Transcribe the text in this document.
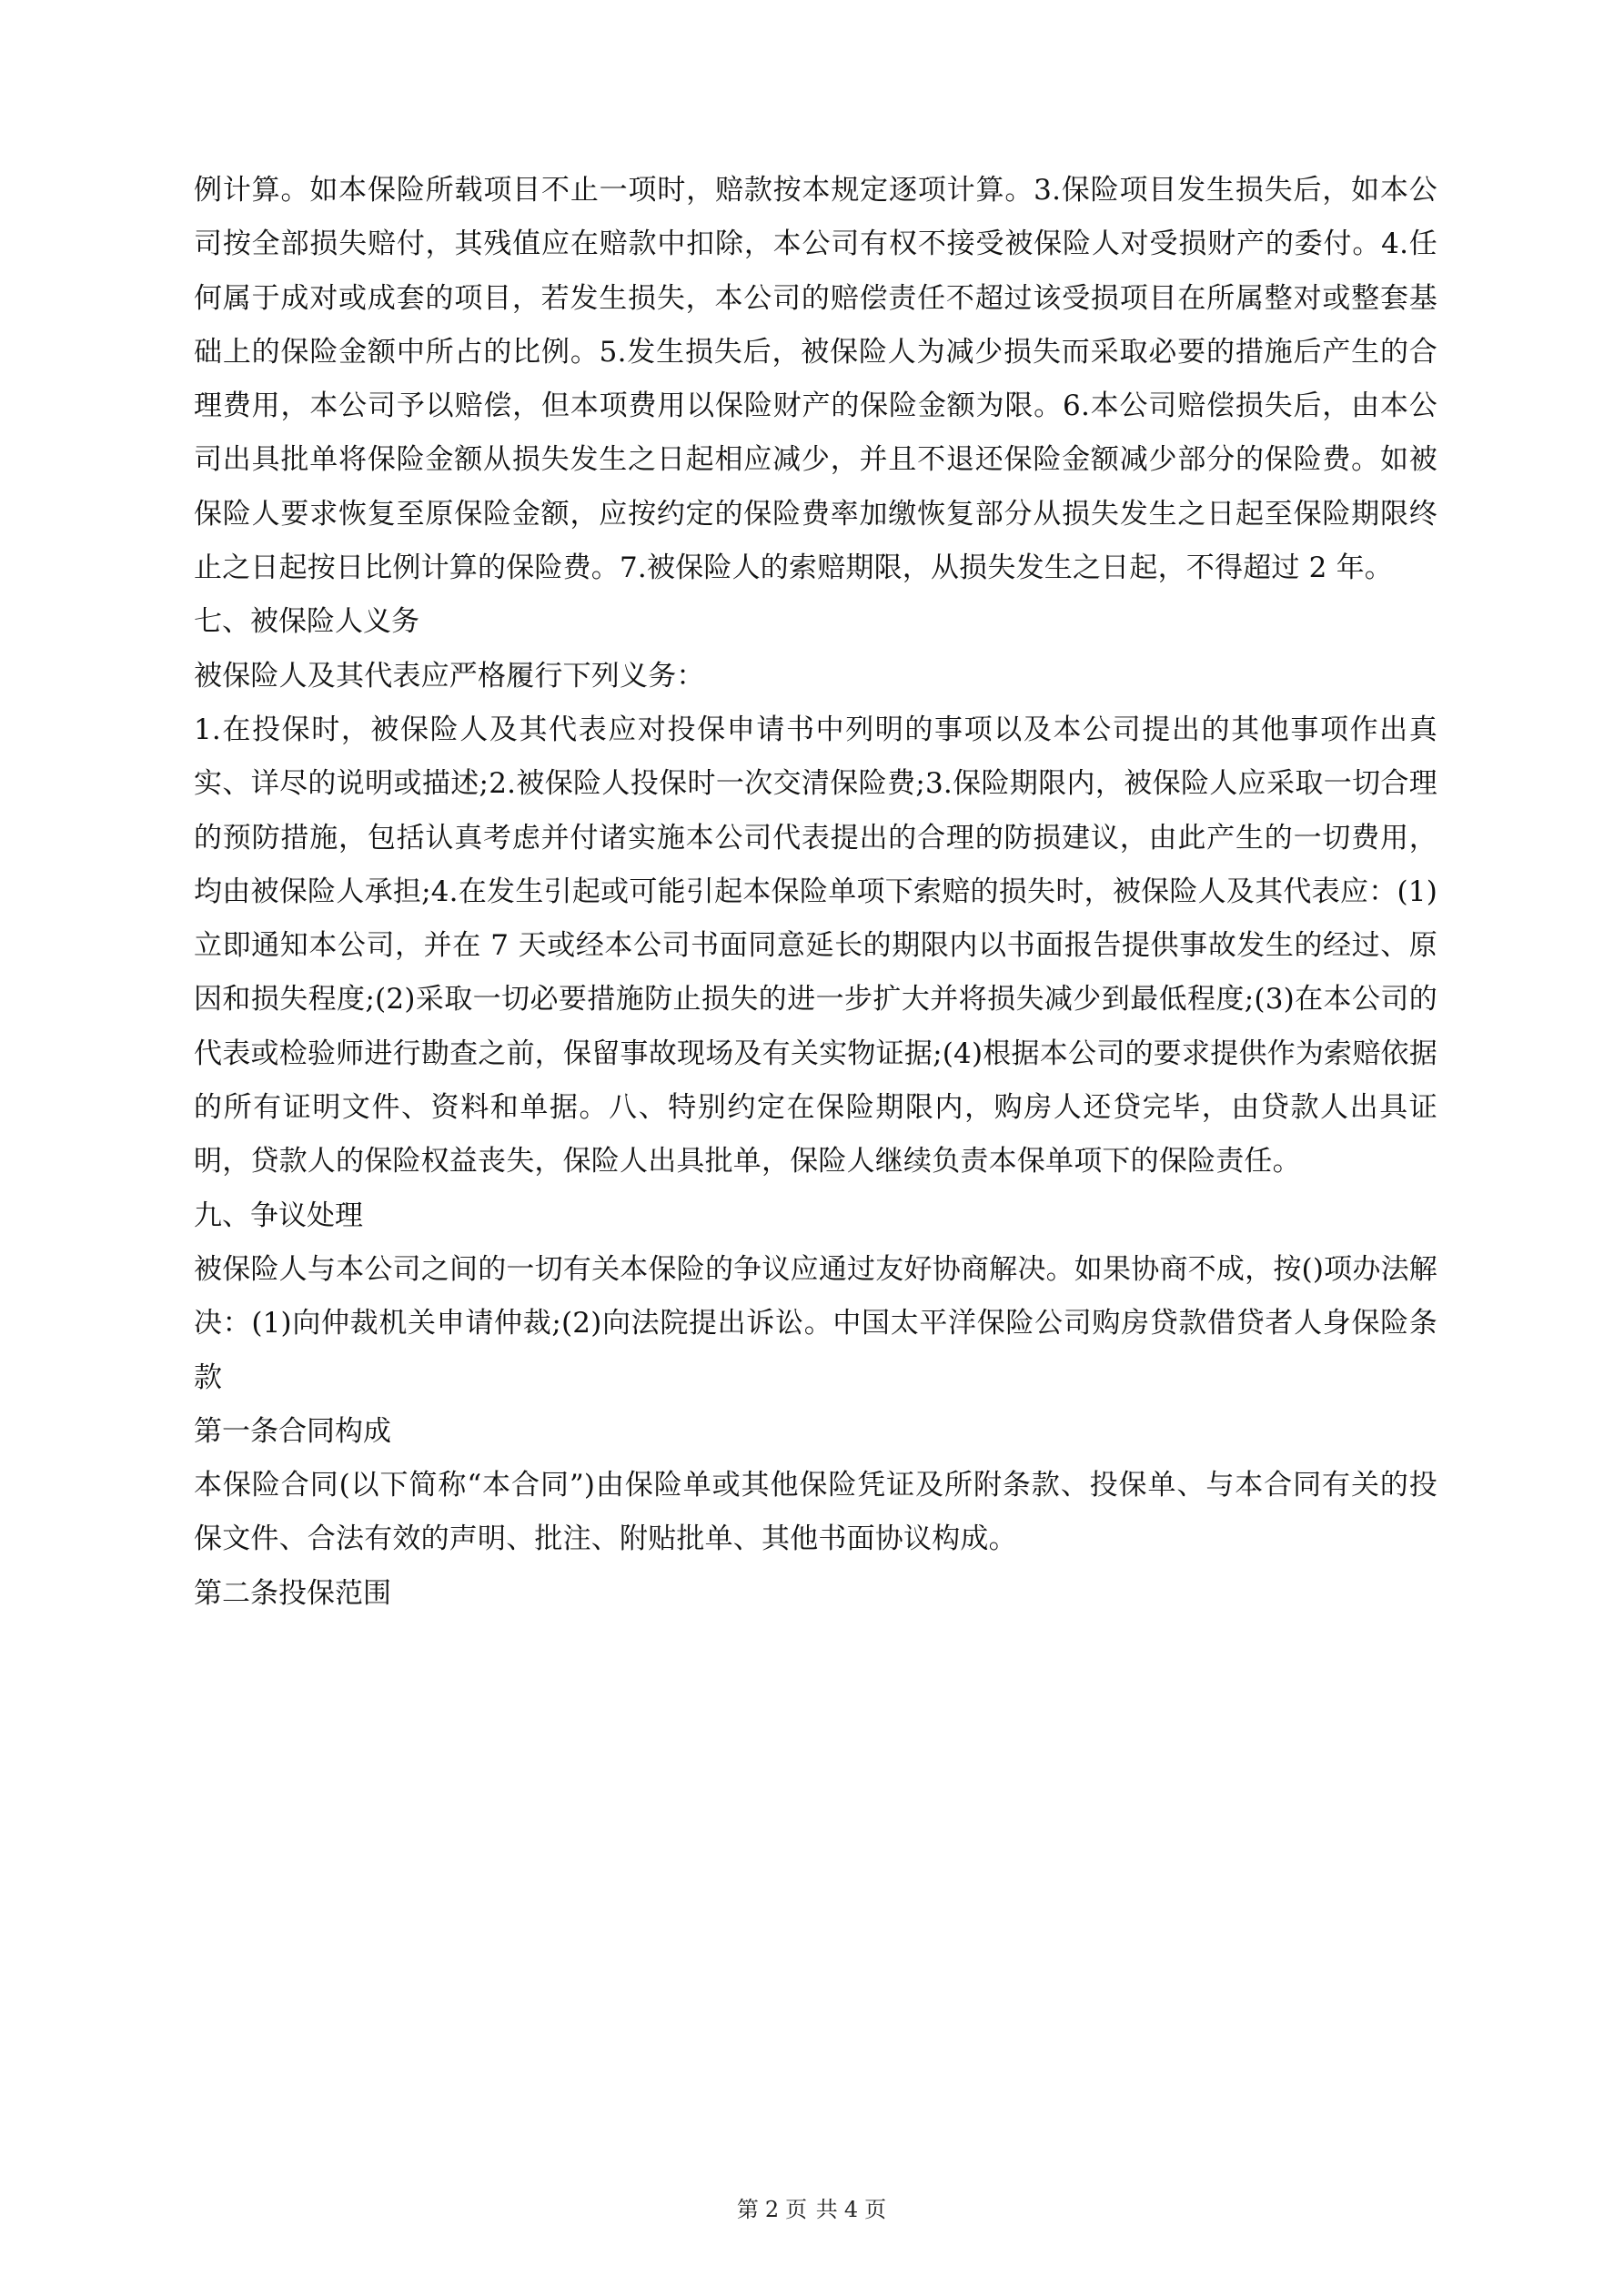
例计算。如本保险所载项目不止一项时，赔款按本规定逐项计算。3.保险项目发生损失后，如本公司按全部损失赔付，其残值应在赔款中扣除，本公司有权不接受被保险人对受损财产的委付。4.任何属于成对或成套的项目，若发生损失，本公司的赔偿责任不超过该受损项目在所属整对或整套基础上的保险金额中所占的比例。5.发生损失后，被保险人为减少损失而采取必要的措施后产生的合理费用，本公司予以赔偿，但本项费用以保险财产的保险金额为限。6.本公司赔偿损失后，由本公司出具批单将保险金额从损失发生之日起相应减少，并且不退还保险金额减少部分的保险费。如被保险人要求恢复至原保险金额，应按约定的保险费率加缴恢复部分从损失发生之日起至保险期限终止之日起按日比例计算的保险费。7.被保险人的索赔期限，从损失发生之日起，不得超过 2 年。

七、被保险人义务

被保险人及其代表应严格履行下列义务：

1.在投保时，被保险人及其代表应对投保申请书中列明的事项以及本公司提出的其他事项作出真实、详尽的说明或描述;2.被保险人投保时一次交清保险费;3.保险期限内，被保险人应采取一切合理的预防措施，包括认真考虑并付诸实施本公司代表提出的合理的防损建议，由此产生的一切费用，均由被保险人承担;4.在发生引起或可能引起本保险单项下索赔的损失时，被保险人及其代表应：(1)立即通知本公司，并在 7 天或经本公司书面同意延长的期限内以书面报告提供事故发生的经过、原因和损失程度;(2)采取一切必要措施防止损失的进一步扩大并将损失减少到最低程度;(3)在本公司的代表或检验师进行勘查之前，保留事故现场及有关实物证据;(4)根据本公司的要求提供作为索赔依据的所有证明文件、资料和单据。八、特别约定在保险期限内，购房人还贷完毕，由贷款人出具证明，贷款人的保险权益丧失，保险人出具批单，保险人继续负责本保单项下的保险责任。

九、争议处理

被保险人与本公司之间的一切有关本保险的争议应通过友好协商解决。如果协商不成，按()项办法解决：(1)向仲裁机关申请仲裁;(2)向法院提出诉讼。中国太平洋保险公司购房贷款借贷者人身保险条款

第一条合同构成

本保险合同(以下简称“本合同”)由保险单或其他保险凭证及所附条款、投保单、与本合同有关的投保文件、合法有效的声明、批注、附贴批单、其他书面协议构成。

第二条投保范围

第 2 页 共 4 页
